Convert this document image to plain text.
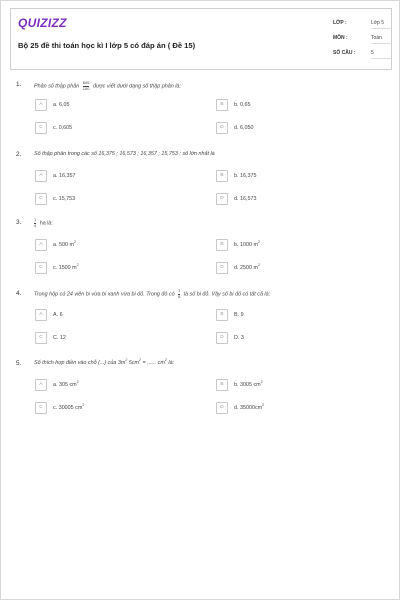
QUIZIZZ
Bộ 25 đề thi toán học kì I lớp 5 có đáp án ( Đề 15)
LỚP :	Lớp 5
MÔN :	Toán
SỐ CÂU :	5
1. Phân số thập phân $\frac{605}{100}$ được viết dưới dạng số thập phân là:
A	a. 6,05	B	b. 0,65
C	c. 0,605	D	d. 6,050
2. Số thập phân trong các số 16,375 ; 16,573 ; 16,357 ; 15,753 : số lớn nhất là
A	a. 16,357	B	b. 16,375
C	c. 15,753	D	d. 16,573
3.	$\frac{1}{4}$ ha là:
A	a. 500 $m^2$	B	b. 1000 $m^2$
C	c. 1500 $m^2$	D	d. 2500 $m^2$
4. Trong hộp có 24 viên bi vừa bi xanh vừa bi đỏ. Trong đó có $\frac{1}{8}$ là số bi đỏ. Vậy số bi đỏ có tất cả là:
A	A. 6	B	B. 9
C	C. 12	D	D. 3
5. Số thích hợp điền vào chỗ (...) của $3m^2$ $5cm^2$ = ...... $cm^2$ là:
A	a. 305 $cm^2$	B	b. 3005 $cm^2$
C	c. 30005 $cm^2$	D	d. $35000cm^2$
